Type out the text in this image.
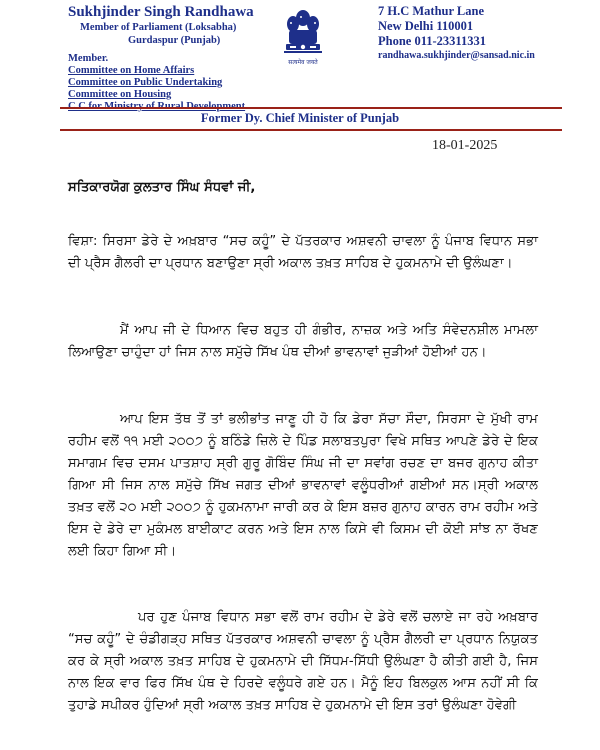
Sukhjinder Singh Randhawa
Member of Parliament (Loksabha)
Gurdaspur (Punjab)
Member.
Committee on Home Affairs
Committee on Public Undertaking
Committee on Housing
सत्यमेव जयते
7 H.C Mathur Lane
New Delhi 110001
Phone 011-23311331
randhawa.sukhjinder@sansad.nic.in
Former Dy. Chief Minister of Punjab
18-01-2025
ਸਤਿਕਾਰਯੋਗ ਕੁਲਤਾਰ ਸਿੰਘ ਸੰਧਵਾਂ ਜੀ,
ਵਿਸ਼ਾ: ਸਿਰਸਾ ਡੇਰੇ ਦੇ ਅਖ਼ਬਾਰ “ਸਚ ਕਹੂੰ” ਦੇ ਪੱਤਰਕਾਰ ਅਸ਼ਵਨੀ ਚਾਵਲਾ ਨੂੰ ਪੰਜਾਬ ਵਿਧਾਨ ਸਭਾ ਦੀ ਪ੍ਰੈਸ ਗੈਲਰੀ ਦਾ ਪ੍ਰਧਾਨ ਬਣਾਉਣਾ ਸ੍ਰੀ ਅਕਾਲ ਤਖ਼ਤ ਸਾਹਿਬ ਦੇ ਹੁਕਮਨਾਮੇ ਦੀ ਉਲੰਘਣਾ।
ਮੈਂ ਆਪ ਜੀ ਦੇ ਧਿਆਨ ਵਿਚ ਬਹੁਤ ਹੀ ਗੰਭੀਰ, ਨਾਜ਼ਕ ਅਤੇ ਅਤਿ ਸੰਵੇਦਨਸ਼ੀਲ ਮਾਮਲਾ ਲਿਆਉਣਾ ਚਾਹੁੰਦਾ ਹਾਂ ਜਿਸ ਨਾਲ ਸਮੁੱਚੇ ਸਿੱਖ ਪੰਥ ਦੀਆਂ ਭਾਵਨਾਵਾਂ ਜੁੜੀਆਂ ਹੋਈਆਂ ਹਨ।
ਆਪ ਇਸ ਤੱਥ ਤੋਂ ਤਾਂ ਭਲੀਭਾਂਤ ਜਾਣੂ ਹੀ ਹੋ ਕਿ ਡੇਰਾ ਸੱਚਾ ਸੌਦਾ, ਸਿਰਸਾ ਦੇ ਮੁੱਖੀ ਰਾਮ ਰਹੀਮ ਵਲੋਂ ੧੧ ਮਈ ੨੦੦੭ ਨੂੰ ਬਠਿੰਡੇ ਜ਼ਿਲੇ ਦੇ ਪਿੰਡ ਸਲਾਬਤਪੁਰਾ ਵਿਖੇ ਸਥਿਤ ਆਪਣੇ ਡੇਰੇ ਦੇ ਇਕ ਸਮਾਗਮ ਵਿਚ ਦਸਮ ਪਾਤਸ਼ਾਹ ਸ੍ਰੀ ਗੁਰੂ ਗੋਬਿੰਦ ਸਿੰਘ ਜੀ ਦਾ ਸਵਾਂਗ ਰਚਣ ਦਾ ਬਜਰ ਗੁਨਾਹ ਕੀਤਾ ਗਿਆ ਸੀ ਜਿਸ ਨਾਲ ਸਮੁੱਚੇ ਸਿੱਖ ਜਗਤ ਦੀਆਂ ਭਾਵਨਾਵਾਂ ਵਲੂੰਧਰੀਆਂ ਗਈਆਂ ਸਨ।ਸ੍ਰੀ ਅਕਾਲ ਤਖ਼ਤ ਵਲੋਂ ੨੦ ਮਈ ੨੦੦੭ ਨੂੰ ਹੁਕਮਨਾਮਾ ਜਾਰੀ ਕਰ ਕੇ ਇਸ ਬਜ਼ਰ ਗੁਨਾਹ ਕਾਰਨ ਰਾਮ ਰਹੀਮ ਅਤੇ ਇਸ ਦੇ ਡੇਰੇ ਦਾ ਮੁਕੰਮਲ ਬਾਈਕਾਟ ਕਰਨ ਅਤੇ ਇਸ ਨਾਲ ਕਿਸੇ ਵੀ ਕਿਸਮ ਦੀ ਕੋਈ ਸਾਂਝ ਨਾ ਰੱਖਣ ਲਈ ਕਿਹਾ ਗਿਆ ਸੀ।
ਪਰ ਹੁਣ ਪੰਜਾਬ ਵਿਧਾਨ ਸਭਾ ਵਲੋਂ ਰਾਮ ਰਹੀਮ ਦੇ ਡੇਰੇ ਵਲੋਂ ਚਲਾਏ ਜਾ ਰਹੇ ਅਖ਼ਬਾਰ “ਸਚ ਕਹੂੰ” ਦੇ ਚੰਡੀਗੜ੍ਹ ਸਥਿਤ ਪੱਤਰਕਾਰ ਅਸ਼ਵਨੀ ਚਾਵਲਾ ਨੂੰ ਪ੍ਰੈਸ ਗੈਲਰੀ ਦਾ ਪ੍ਰਧਾਨ ਨਿਯੁਕਤ ਕਰ ਕੇ ਸ੍ਰੀ ਅਕਾਲ ਤਖ਼ਤ ਸਾਹਿਬ ਦੇ ਹੁਕਮਨਾਮੇ ਦੀ ਸਿੱਧਮ-ਸਿੱਧੀ ਉਲੰਘਣਾ ਹੈ ਕੀਤੀ ਗਈ ਹੈ, ਜਿਸ ਨਾਲ ਇਕ ਵਾਰ ਫਿਰ ਸਿੱਖ ਪੰਥ ਦੇ ਹਿਰਦੇ ਵਲੂੰਧਰੇ ਗਏ ਹਨ। ਮੈਨੂੰ ਇਹ ਬਿਲਕੁਲ ਆਸ ਨਹੀਂ ਸੀ ਕਿ ਤੁਹਾਡੇ ਸਪੀਕਰ ਹੁੰਦਿਆਂ ਸ੍ਰੀ ਅਕਾਲ ਤਖ਼ਤ ਸਾਹਿਬ ਦੇ ਹੁਕਮਨਾਮੇ ਦੀ ਇਸ ਤਰਾਂ ਉਲੰਘਣਾ ਹੋਵੇਗੀ
